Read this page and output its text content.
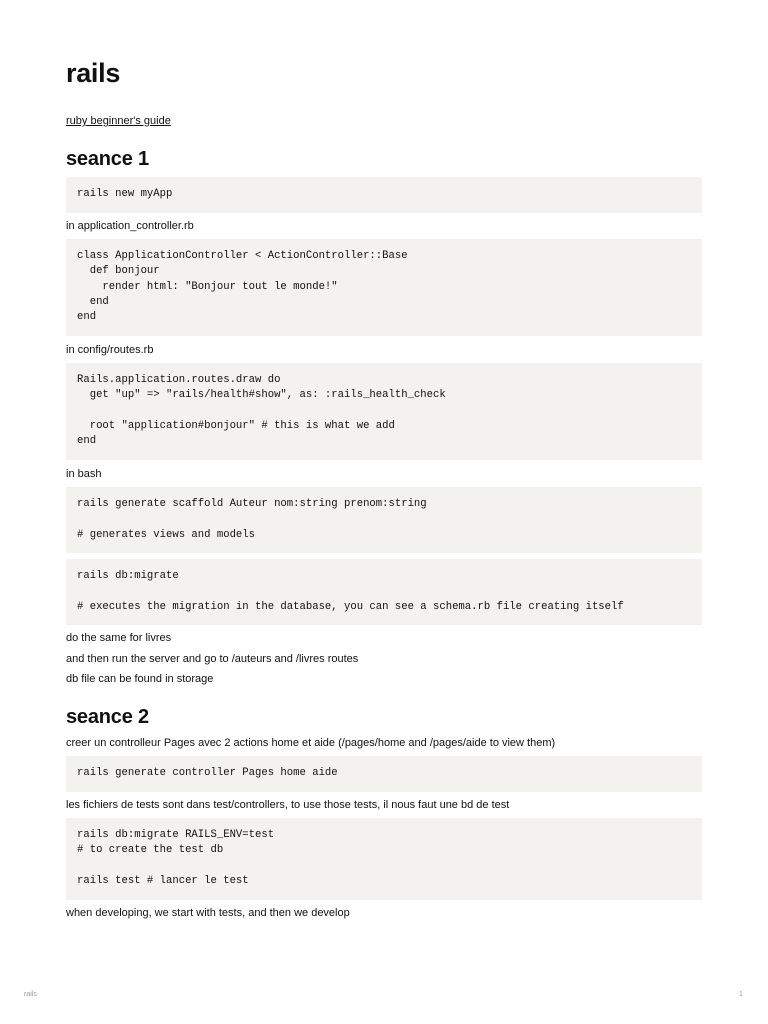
rails
ruby beginner's guide
seance 1
rails new myApp

in application_controller.rb

class ApplicationController < ActionController::Base
def bonjour
render html: "Bonjour tout le monde!"
end
end

in config/routes.rb

Rails.application.routes.draw do
get "up" => "rails/health#show", as: :rails_health_check

root "application#bonjour" # this is what we add
end

in bash

rails generate scaffold Auteur nom:string prenom:string

# generates views and models
rails db:migrate

# executes the migration in the database, you can see a schema.rb file creating itself

do the same for livres

and then run the server and go to /auteurs and /livres routes

db file can be found in storage

seance 2

creer un controlleur Pages avec 2 actions home et aide (/pages/home and /pages/aide to view them)

rails generate controller Pages home aide

les fichiers de tests sont dans test/controllers, to use those tests, il nous faut une bd de test

rails db:migrate RAILS_ENV=test
# to create the test db

rails test # lancer le test

when developing, we start with tests, and then we develop

rails	1
